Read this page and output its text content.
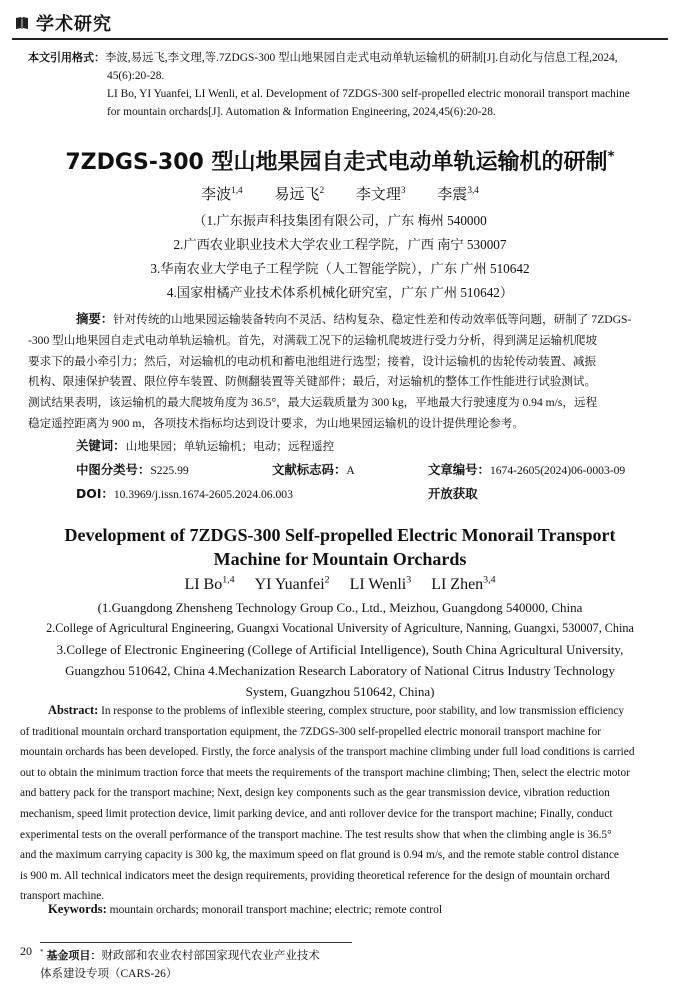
学术研究
本文引用格式：李波,易远飞,李文理,等.7ZDGS-300 型山地果园自走式电动单轨运输机的研制[J].自动化与信息工程,2024,
45(6):20-28.
LI Bo, YI Yuanfei, LI Wenli, et al. Development of 7ZDGS-300 self-propelled electric monorail transport machine
for mountain orchards[J]. Automation & Information Engineering, 2024,45(6):20-28.
7ZDGS-300 型山地果园自走式电动单轨运输机的研制*
李波$^{1,4}$ 易远飞$^2$ 李文理$^3$ 李震$^{3,4}$
（1.广东振声科技集团有限公司，广东 梅州 540000
2.广西农业职业技术大学农业工程学院，广西 南宁 530007
3.华南农业大学电子工程学院（人工智能学院），广东 广州 510642
4.国家柑橘产业技术体系机械化研究室，广东 广州 510642）
摘要：针对传统的山地果园运输装备转向不灵活、结构复杂、稳定性差和传动效率低等问题，研制了 7ZDGS-
-300 型山地果园自走式电动单轨运输机。首先，对满载工况下的运输机爬坡进行受力分析，得到满足运输机爬坡
要求下的最小牵引力；然后，对运输机的电动机和蓄电池组进行选型；接着，设计运输机的齿轮传动装置、减振
机构、限速保护装置、限位停车装置、防侧翻装置等关键部件；最后，对运输机的整体工作性能进行试验测试。
测试结果表明，该运输机的最大爬坡角度为 36.5°，最大运载质量为 300 kg，平地最大行驶速度为 0.94 m/s，远程
稳定遥控距离为 900 m，各项技术指标均达到设计要求，为山地果园运输机的设计提供理论参考。
关键词：山地果园；单轨运输机；电动；远程遥控
中图分类号：S225.99	文献标志码：A	文章编号：1674-2605(2024)06-0003-09
DOI：10.3969/j.issn.1674-2605.2024.06.003	开放获取
Development of 7ZDGS-300 Self-propelled Electric Monorail Transport
Machine for Mountain Orchards
LI Bo$^{1,4}$ YI Yuanfei$^2$ LI Wenli$^3$ LI Zhen$^{3,4}$
(1.Guangdong Zhensheng Technology Group Co., Ltd., Meizhou, Guangdong 540000, China
2.College of Agricultural Engineering, Guangxi Vocational University of Agriculture, Nanning, Guangxi, 530007, China
3.College of Electronic Engineering (College of Artificial Intelligence), South China Agricultural University,
Guangzhou 510642, China 4.Mechanization Research Laboratory of National Citrus Industry Technology
System, Guangzhou 510642, China)
Abstract: In response to the problems of inflexible steering, complex structure, poor stability, and low transmission efficiency
of traditional mountain orchard transportation equipment, the 7ZDGS-300 self-propelled electric monorail transport machine for
mountain orchards has been developed. Firstly, the force analysis of the transport machine climbing under full load conditions is carried
out to obtain the minimum traction force that meets the requirements of the transport machine climbing; Then, select the electric motor
and battery pack for the transport machine; Next, design key components such as the gear transmission device, vibration reduction
mechanism, speed limit protection device, limit parking device, and anti rollover device for the transport machine; Finally, conduct
experimental tests on the overall performance of the transport machine. The test results show that when the climbing angle is 36.5°
and the maximum carrying capacity is 300 kg, the maximum speed on flat ground is 0.94 m/s, and the remote stable control distance
is 900 m. All technical indicators meet the design requirements, providing theoretical reference for the design of mountain orchard
transport machine.
Keywords: mountain orchards; monorail transport machine; electric; remote control
20 * 基金项目：财政部和农业农村部国家现代农业产业技术
体系建设专项（CARS-26）
